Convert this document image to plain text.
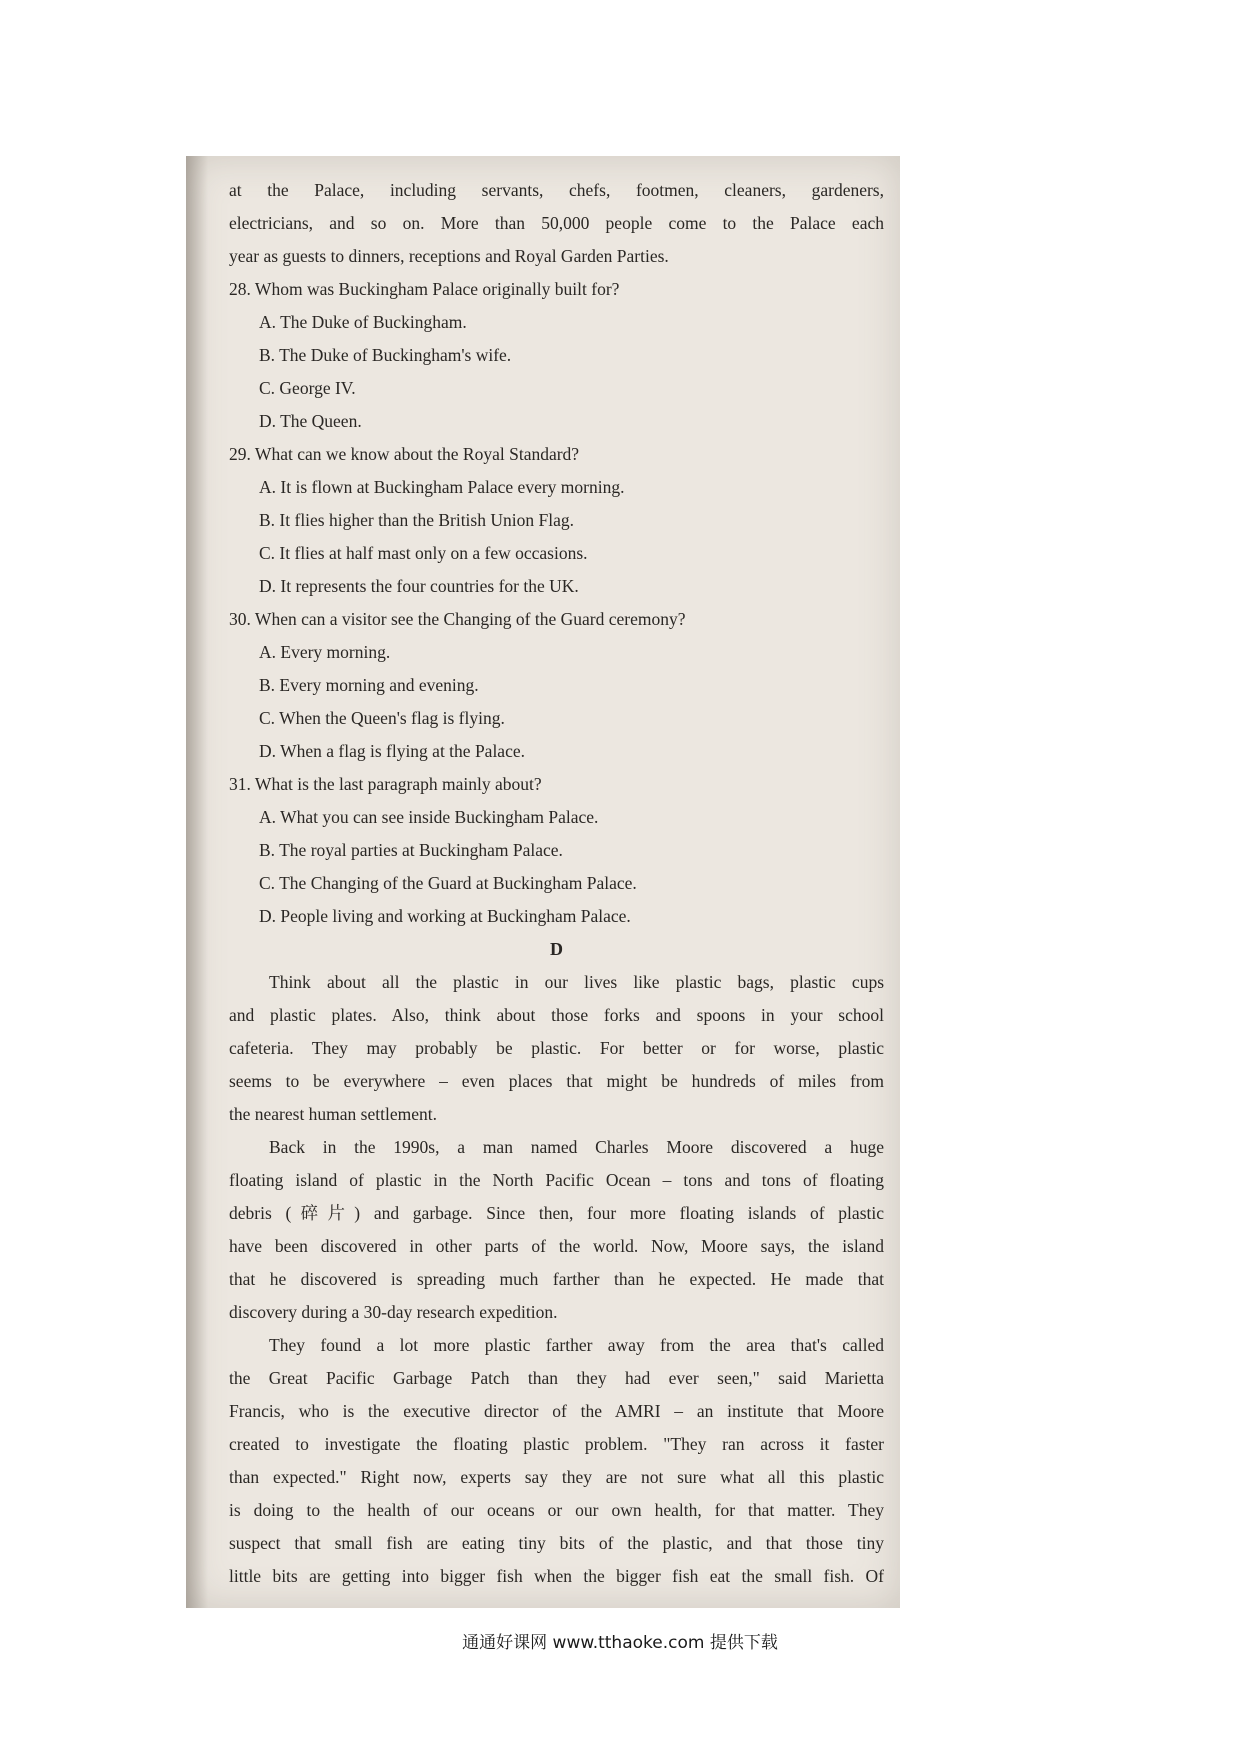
at the Palace, including servants, chefs, footmen, cleaners, gardeners,
electricians, and so on. More than 50,000 people come to the Palace each
year as guests to dinners, receptions and Royal Garden Parties.
28. Whom was Buckingham Palace originally built for?
A. The Duke of Buckingham.
B. The Duke of Buckingham's wife.
C. George IV.
D. The Queen.
29. What can we know about the Royal Standard?
A. It is flown at Buckingham Palace every morning.
B. It flies higher than the British Union Flag.
C. It flies at half mast only on a few occasions.
D. It represents the four countries for the UK.
30. When can a visitor see the Changing of the Guard ceremony?
A. Every morning.
B. Every morning and evening.
C. When the Queen's flag is flying.
D. When a flag is flying at the Palace.
31. What is the last paragraph mainly about?
A. What you can see inside Buckingham Palace.
B. The royal parties at Buckingham Palace.
C. The Changing of the Guard at Buckingham Palace.
D. People living and working at Buckingham Palace.
D
Think about all the plastic in our lives like plastic bags, plastic cups
and plastic plates. Also, think about those forks and spoons in your school
cafeteria. They may probably be plastic. For better or for worse, plastic
seems to be everywhere – even places that might be hundreds of miles from
the nearest human settlement.
Back in the 1990s, a man named Charles Moore discovered a huge
floating island of plastic in the North Pacific Ocean – tons and tons of floating
debris (碎片) and garbage. Since then, four more floating islands of plastic
have been discovered in other parts of the world. Now, Moore says, the island
that he discovered is spreading much farther than he expected. He made that
discovery during a 30-day research expedition.
They found a lot more plastic farther away from the area that's called
the Great Pacific Garbage Patch than they had ever seen," said Marietta
Francis, who is the executive director of the AMRI – an institute that Moore
created to investigate the floating plastic problem. "They ran across it faster
than expected." Right now, experts say they are not sure what all this plastic
is doing to the health of our oceans or our own health, for that matter. They
suspect that small fish are eating tiny bits of the plastic, and that those tiny
little bits are getting into bigger fish when the bigger fish eat the small fish. Of
通通好课网 www.tthaoke.com 提供下载
